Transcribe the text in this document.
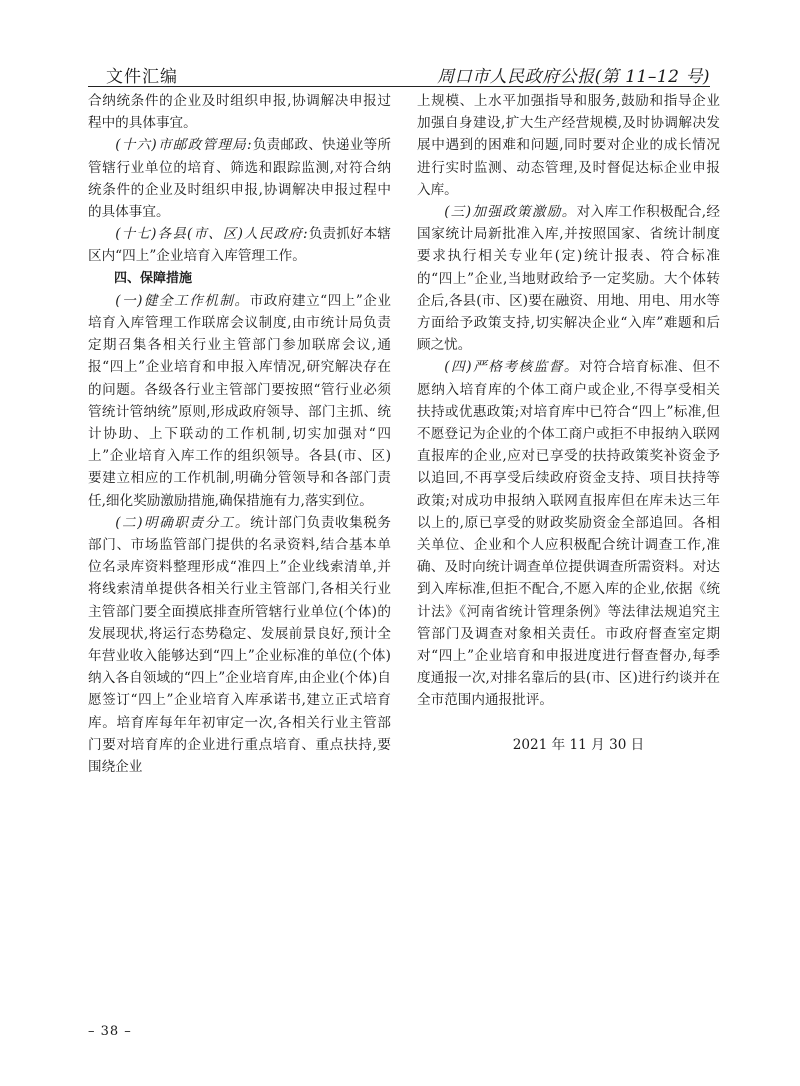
文件汇编	周口市人民政府公报(第 11–12 号)

合纳统条件的企业及时组织申报,协调解决申报过程中的具体事宜。

(十六)市邮政管理局:负责邮政、快递业等所管辖行业单位的培育、筛选和跟踪监测,对符合纳统条件的企业及时组织申报,协调解决申报过程中的具体事宜。

(十七)各县(市、区)人民政府:负责抓好本辖区内“四上”企业培育入库管理工作。

四、保障措施

(一)健全工作机制。市政府建立“四上”企业培育入库管理工作联席会议制度,由市统计局负责定期召集各相关行业主管部门参加联席会议,通报“四上”企业培育和申报入库情况,研究解决存在的问题。各级各行业主管部门要按照“管行业必须管统计管纳统”原则,形成政府领导、部门主抓、统计协助、上下联动的工作机制,切实加强对“四上”企业培育入库工作的组织领导。各县(市、区)要建立相应的工作机制,明确分管领导和各部门责任,细化奖励激励措施,确保措施有力,落实到位。

(二)明确职责分工。统计部门负责收集税务部门、市场监管部门提供的名录资料,结合基本单位名录库资料整理形成“准四上”企业线索清单,并将线索清单提供各相关行业主管部门,各相关行业主管部门要全面摸底排查所管辖行业单位(个体)的发展现状,将运行态势稳定、发展前景良好,预计全年营业收入能够达到“四上”企业标准的单位(个体)纳入各自领域的“四上”企业培育库,由企业(个体)自愿签订“四上”企业培育入库承诺书,建立正式培育库。培育库每年年初审定一次,各相关行业主管部门要对培育库的企业进行重点培育、重点扶持,要围绕企业

上规模、上水平加强指导和服务,鼓励和指导企业加强自身建设,扩大生产经营规模,及时协调解决发展中遇到的困难和问题,同时要对企业的成长情况进行实时监测、动态管理,及时督促达标企业申报入库。

(三)加强政策激励。对入库工作积极配合,经国家统计局新批准入库,并按照国家、省统计制度要求执行相关专业年(定)统计报表、符合标准的“四上”企业,当地财政给予一定奖励。大个体转企后,各县(市、区)要在融资、用地、用电、用水等方面给予政策支持,切实解决企业“入库”难题和后顾之忧。

(四)严格考核监督。对符合培育标准、但不愿纳入培育库的个体工商户或企业,不得享受相关扶持或优惠政策;对培育库中已符合“四上”标准,但不愿登记为企业的个体工商户或拒不申报纳入联网直报库的企业,应对已享受的扶持政策奖补资金予以追回,不再享受后续政府资金支持、项目扶持等政策;对成功申报纳入联网直报库但在库未达三年以上的,原已享受的财政奖励资金全部追回。各相关单位、企业和个人应积极配合统计调查工作,准确、及时向统计调查单位提供调查所需资料。对达到入库标准,但拒不配合,不愿入库的企业,依据《统计法》《河南省统计管理条例》等法律法规追究主管部门及调查对象相关责任。市政府督查室定期对“四上”企业培育和申报进度进行督查督办,每季度通报一次,对排名靠后的县(市、区)进行约谈并在全市范围内通报批评。

2021 年 11 月 30 日

– 38 –
